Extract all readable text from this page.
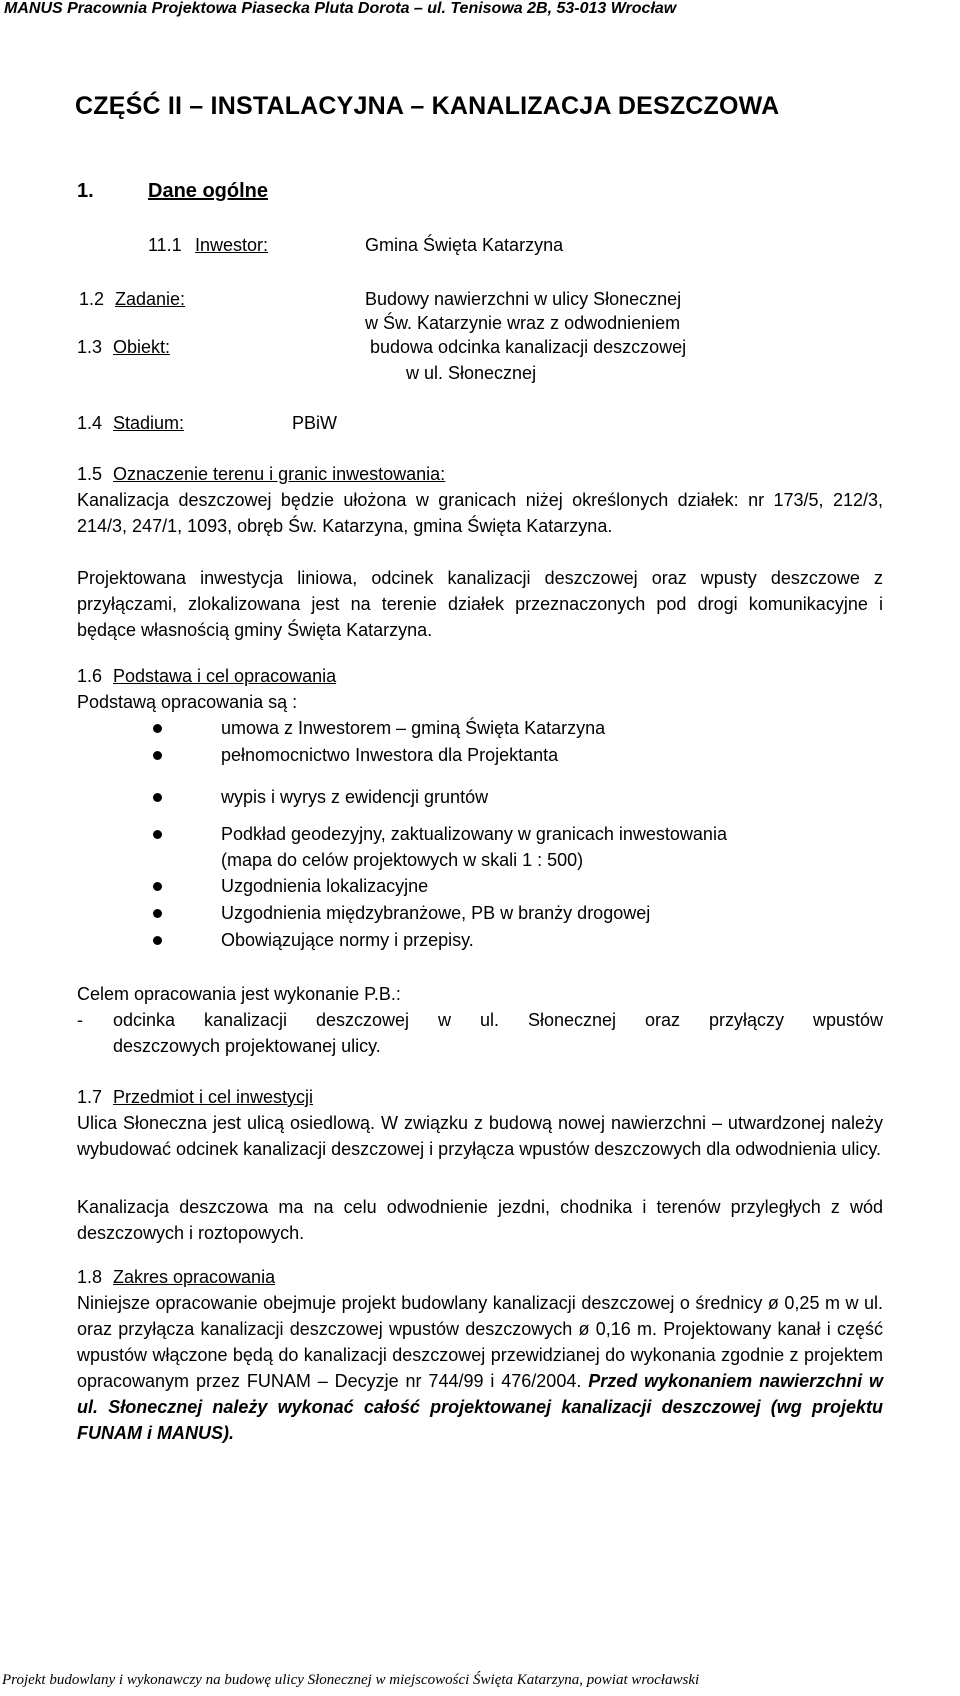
MANUS Pracownia Projektowa Piasecka Pluta Dorota – ul. Tenisowa 2B, 53-013 Wrocław
CZĘŚĆ II – INSTALACYJNA – KANALIZACJA DESZCZOWA
1.	Dane ogólne
11.1 Inwestor:	Gmina Święta Katarzyna
1.2 Zadanie:	Budowy nawierzchni w ulicy Słonecznej
w Św. Katarzynie wraz z odwodnieniem
1.3 Obiekt:	budowa odcinka kanalizacji deszczowej
w ul. Słonecznej
1.4 Stadium:	PBiW
1.5 Oznaczenie terenu i granic inwestowania:
Kanalizacja deszczowej będzie ułożona w granicach niżej określonych działek: nr 173/5, 212/3, 214/3, 247/1, 1093, obręb Św. Katarzyna, gmina Święta Katarzyna.
Projektowana inwestycja liniowa, odcinek kanalizacji deszczowej oraz wpusty deszczowe z przyłączami, zlokalizowana jest na terenie działek przeznaczonych pod drogi komunikacyjne i będące własnością gminy Święta Katarzyna.
1.6 Podstawa i cel opracowania
Podstawą opracowania są :
umowa z Inwestorem – gminą Święta Katarzyna
pełnomocnictwo Inwestora dla Projektanta
wypis i wyrys z ewidencji gruntów
Podkład geodezyjny, zaktualizowany w granicach inwestowania
(mapa do celów projektowych w skali 1 : 500)
Uzgodnienia lokalizacyjne
Uzgodnienia międzybranżowe, PB w branży drogowej
Obowiązujące normy i przepisy.
Celem opracowania jest wykonanie P.B.:
- odcinka kanalizacji deszczowej w ul. Słonecznej oraz przyłączy wpustów
deszczowych projektowanej ulicy.
1.7 Przedmiot i cel inwestycji
Ulica Słoneczna jest ulicą osiedlową. W związku z budową nowej nawierzchni – utwardzonej należy wybudować odcinek kanalizacji deszczowej i przyłącza wpustów deszczowych dla odwodnienia ulicy.
Kanalizacja deszczowa ma na celu odwodnienie jezdni, chodnika i terenów przyległych z wód deszczowych i roztopowych.
1.8 Zakres opracowania
Niniejsze opracowanie obejmuje projekt budowlany kanalizacji deszczowej o średnicy ø 0,25 m w ul. oraz przyłącza kanalizacji deszczowej wpustów deszczowych ø 0,16 m. Projektowany kanał i część wpustów włączone będą do kanalizacji deszczowej przewidzianej do wykonania zgodnie z projektem opracowanym przez FUNAM – Decyzje nr 744/99 i 476/2004. Przed wykonaniem nawierzchni w ul. Słonecznej należy wykonać całość projektowanej kanalizacji deszczowej (wg projektu FUNAM i MANUS).
Projekt budowlany i wykonawczy na budowę ulicy Słonecznej w miejscowości Święta Katarzyna, powiat wrocławski
